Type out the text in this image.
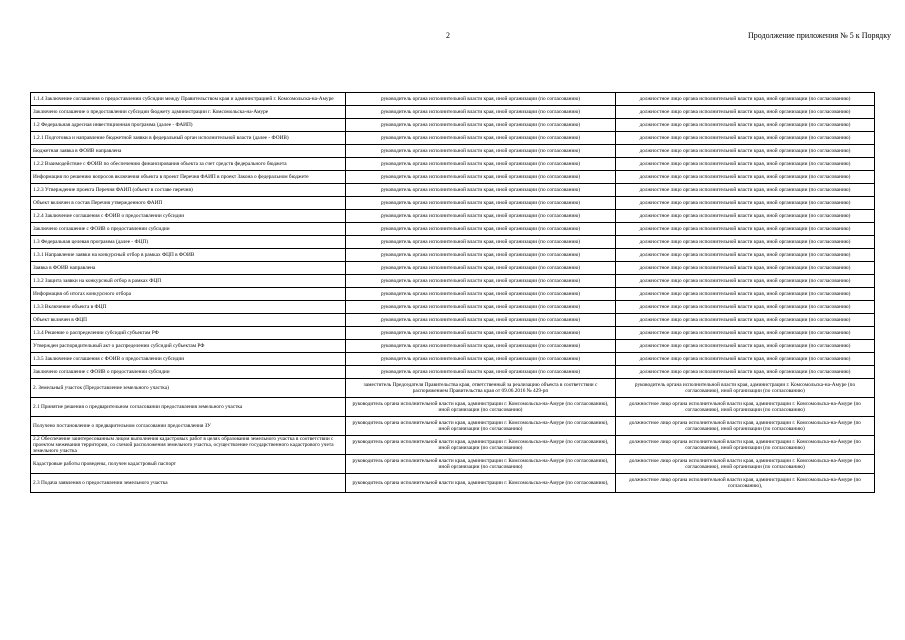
2	Продолжение приложения № 5 к Порядку
1.1.4 Заключение соглашения о предоставлении субсидии между Правительством края и администрацией г. Комсомольска-на-Амуре	руководитель органа исполнительной власти края, иной организации (по согласованию)	должностное лицо органа исполнительной власти края, иной организации (по согласованию)
Заключено соглашение о предоставлении субсидии бюджету администрации г. Комсомольска-на-Амуре	руководитель органа исполнительной власти края, иной организации (по согласованию)	должностное лицо органа исполнительной власти края, иной организации (по согласованию)
1.2 Федеральная адресная инвестиционная программа (далее - ФАИП)	руководитель органа исполнительной власти края, иной организации (по согласованию)	должностное лицо органа исполнительной власти края, иной организации (по согласованию)
1.2.1 Подготовка и направление бюджетной заявки в федеральный орган исполнительной власти (далее - ФОИВ)	руководитель органа исполнительной власти края, иной организации (по согласованию)	должностное лицо органа исполнительной власти края, иной организации (по согласованию)
Бюджетная заявка в ФОИВ направлена	руководитель органа исполнительной власти края, иной организации (по согласованию)	должностное лицо органа исполнительной власти края, иной организации (по согласованию)
1.2.2 Взаимодействие с ФОИВ по обеспечению финансирования объекта за счет средств федерального бюджета	руководитель органа исполнительной власти края, иной организации (по согласованию)	должностное лицо органа исполнительной власти края, иной организации (по согласованию)
Информация по решению вопросов включения объекта в проект Перечня ФАИП в проект Закона о федеральном бюджете	руководитель органа исполнительной власти края, иной организации (по согласованию)	должностное лицо органа исполнительной власти края, иной организации (по согласованию)
1.2.3 Утверждение проекта Перечня ФАИП (объект в составе перечня)	руководитель органа исполнительной власти края, иной организации (по согласованию)	должностное лицо органа исполнительной власти края, иной организации (по согласованию)
Объект включен в состав Перечня утвержденного ФАИП	руководитель органа исполнительной власти края, иной организации (по согласованию)	должностное лицо органа исполнительной власти края, иной организации (по согласованию)
1.2.4 Заключение соглашения с ФОИВ о предоставлении субсидии	руководитель органа исполнительной власти края, иной организации (по согласованию)	должностное лицо органа исполнительной власти края, иной организации (по согласованию)
Заключено соглашение с ФОИВ о предоставлении субсидии	руководитель органа исполнительной власти края, иной организации (по согласованию)	должностное лицо органа исполнительной власти края, иной организации (по согласованию)
1.3 Федеральная целевая программа (далее - ФЦП)	руководитель органа исполнительной власти края, иной организации (по согласованию)	должностное лицо органа исполнительной власти края, иной организации (по согласованию)
1.3.1 Направление заявки на конкурсный отбор в рамках ФЦП в ФОИВ	руководитель органа исполнительной власти края, иной организации (по согласованию)	должностное лицо органа исполнительной власти края, иной организации (по согласованию)
Заявка в ФОИВ направлена	руководитель органа исполнительной власти края, иной организации (по согласованию)	должностное лицо органа исполнительной власти края, иной организации (по согласованию)
1.3.2 Защита заявки на конкурсный отбор в рамках ФЦП	руководитель органа исполнительной власти края, иной организации (по согласованию)	должностное лицо органа исполнительной власти края, иной организации (по согласованию)
Информация об итогах конкурсного отбора	руководитель органа исполнительной власти края, иной организации (по согласованию)	должностное лицо органа исполнительной власти края, иной организации (по согласованию)
1.3.3 Включение объекта в ФЦП	руководитель органа исполнительной власти края, иной организации (по согласованию)	должностное лицо органа исполнительной власти края, иной организации (по согласованию)
Объект включен в ФЦП	руководитель органа исполнительной власти края, иной организации (по согласованию)	должностное лицо органа исполнительной власти края, иной организации (по согласованию)
1.3.4 Решение о распределении субсидий субъектам РФ	руководитель органа исполнительной власти края, иной организации (по согласованию)	должностное лицо органа исполнительной власти края, иной организации (по согласованию)
Утвержден распорядительный акт о распределении субсидий субъектам РФ	руководитель органа исполнительной власти края, иной организации (по согласованию)	должностное лицо органа исполнительной власти края, иной организации (по согласованию)
1.3.5 Заключение соглашения с ФОИВ о предоставлении субсидии	руководитель органа исполнительной власти края, иной организации (по согласованию)	должностное лицо органа исполнительной власти края, иной организации (по согласованию)
Заключено соглашение с ФОИВ о предоставлении субсидии	руководитель органа исполнительной власти края, иной организации (по согласованию)	должностное лицо органа исполнительной власти края, иной организации (по согласованию)
2. Земельный участок (Предоставление земельного участка)	заместитель Председателя Правительства края, ответственный за реализацию объекта в соответствии с распоряжением Правительства края от 09.06.2016 № 429-рп	руководитель органа исполнительной власти края, администрации г. Комсомольска-на-Амуре (по согласованию), иной организации (по согласованию)
2.1 Принятие решения о предварительном согласовании предоставления земельного участка	руководитель органа исполнительной власти края, администрации г. Комсомольска-на-Амуре (по согласованию), иной организации (по согласованию)	должностное лицо органа исполнительной власти края, администрации г. Комсомольска-на-Амуре (по согласованию), иной организации (по согласованию)
Получено постановление о предварительном согласовании предоставления ЗУ	руководитель органа исполнительной власти края, администрации г. Комсомольска-на-Амуре (по согласованию), иной организации (по согласованию)	должностное лицо органа исполнительной власти края, администрации г. Комсомольска-на-Амуре (по согласованию), иной организации (по согласованию)
2.2 Обеспечение заинтересованным лицом выполнения кадастровых работ в целях образования земельного участка в соответствии с проектом межевания территории, со схемой расположения земельного участка, осуществление государственного кадастрового учета земельного участка	руководитель органа исполнительной власти края, администрации г. Комсомольска-на-Амуре (по согласованию), иной организации (по согласованию)	должностное лицо органа исполнительной власти края, администрации г. Комсомольска-на-Амуре (по согласованию), иной организации (по согласованию)
Кадастровые работы проведены, получен кадастровый паспорт	руководитель органа исполнительной власти края, администрации г. Комсомольска-на-Амуре (по согласованию), иной организации (по согласованию)	должностное лицо органа исполнительной власти края, администрации г. Комсомольска-на-Амуре (по согласованию), иной организации (по согласованию)
2.3 Подача заявления о предоставлении земельного участка	руководитель органа исполнительной власти края, администрации г. Комсомольска-на-Амуре (по согласованию),	должностное лицо органа исполнительной власти края, администрации г. Комсомольска-на-Амуре (по согласованию),
